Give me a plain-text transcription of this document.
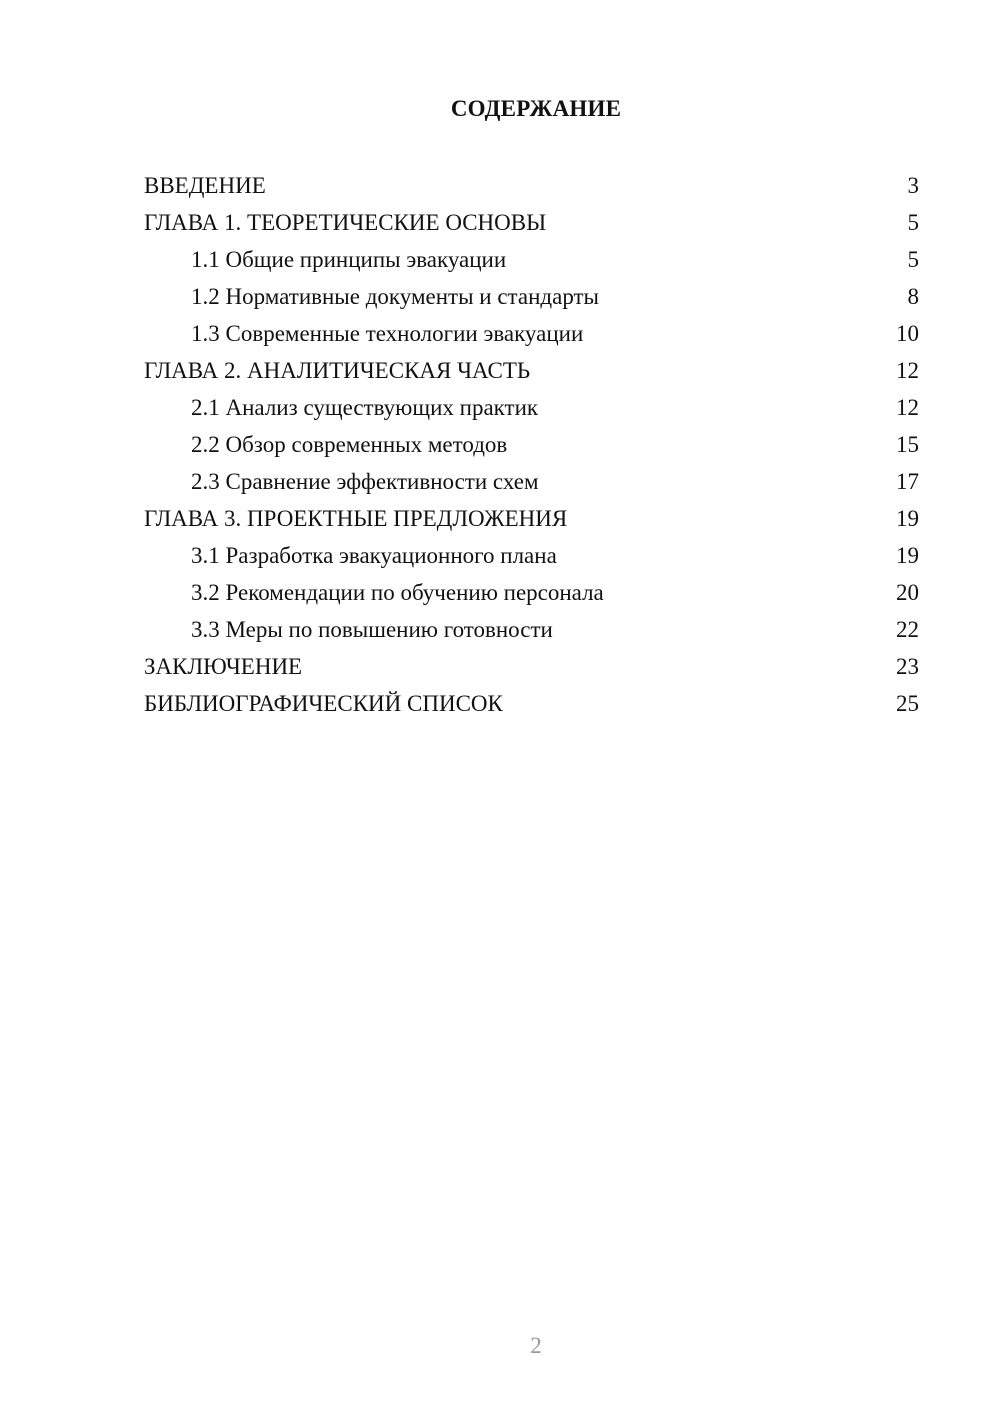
СОДЕРЖАНИЕ
ВВЕДЕНИЕ	3
ГЛАВА 1. ТЕОРЕТИЧЕСКИЕ ОСНОВЫ	5
1.1 Общие принципы эвакуации	5
1.2 Нормативные документы и стандарты	8
1.3 Современные технологии эвакуации	10
ГЛАВА 2. АНАЛИТИЧЕСКАЯ ЧАСТЬ	12
2.1 Анализ существующих практик	12
2.2 Обзор современных методов	15
2.3 Сравнение эффективности схем	17
ГЛАВА 3. ПРОЕКТНЫЕ ПРЕДЛОЖЕНИЯ	19
3.1 Разработка эвакуационного плана	19
3.2 Рекомендации по обучению персонала	20
3.3 Меры по повышению готовности	22
ЗАКЛЮЧЕНИЕ	23
БИБЛИОГРАФИЧЕСКИЙ СПИСОК	25
2
